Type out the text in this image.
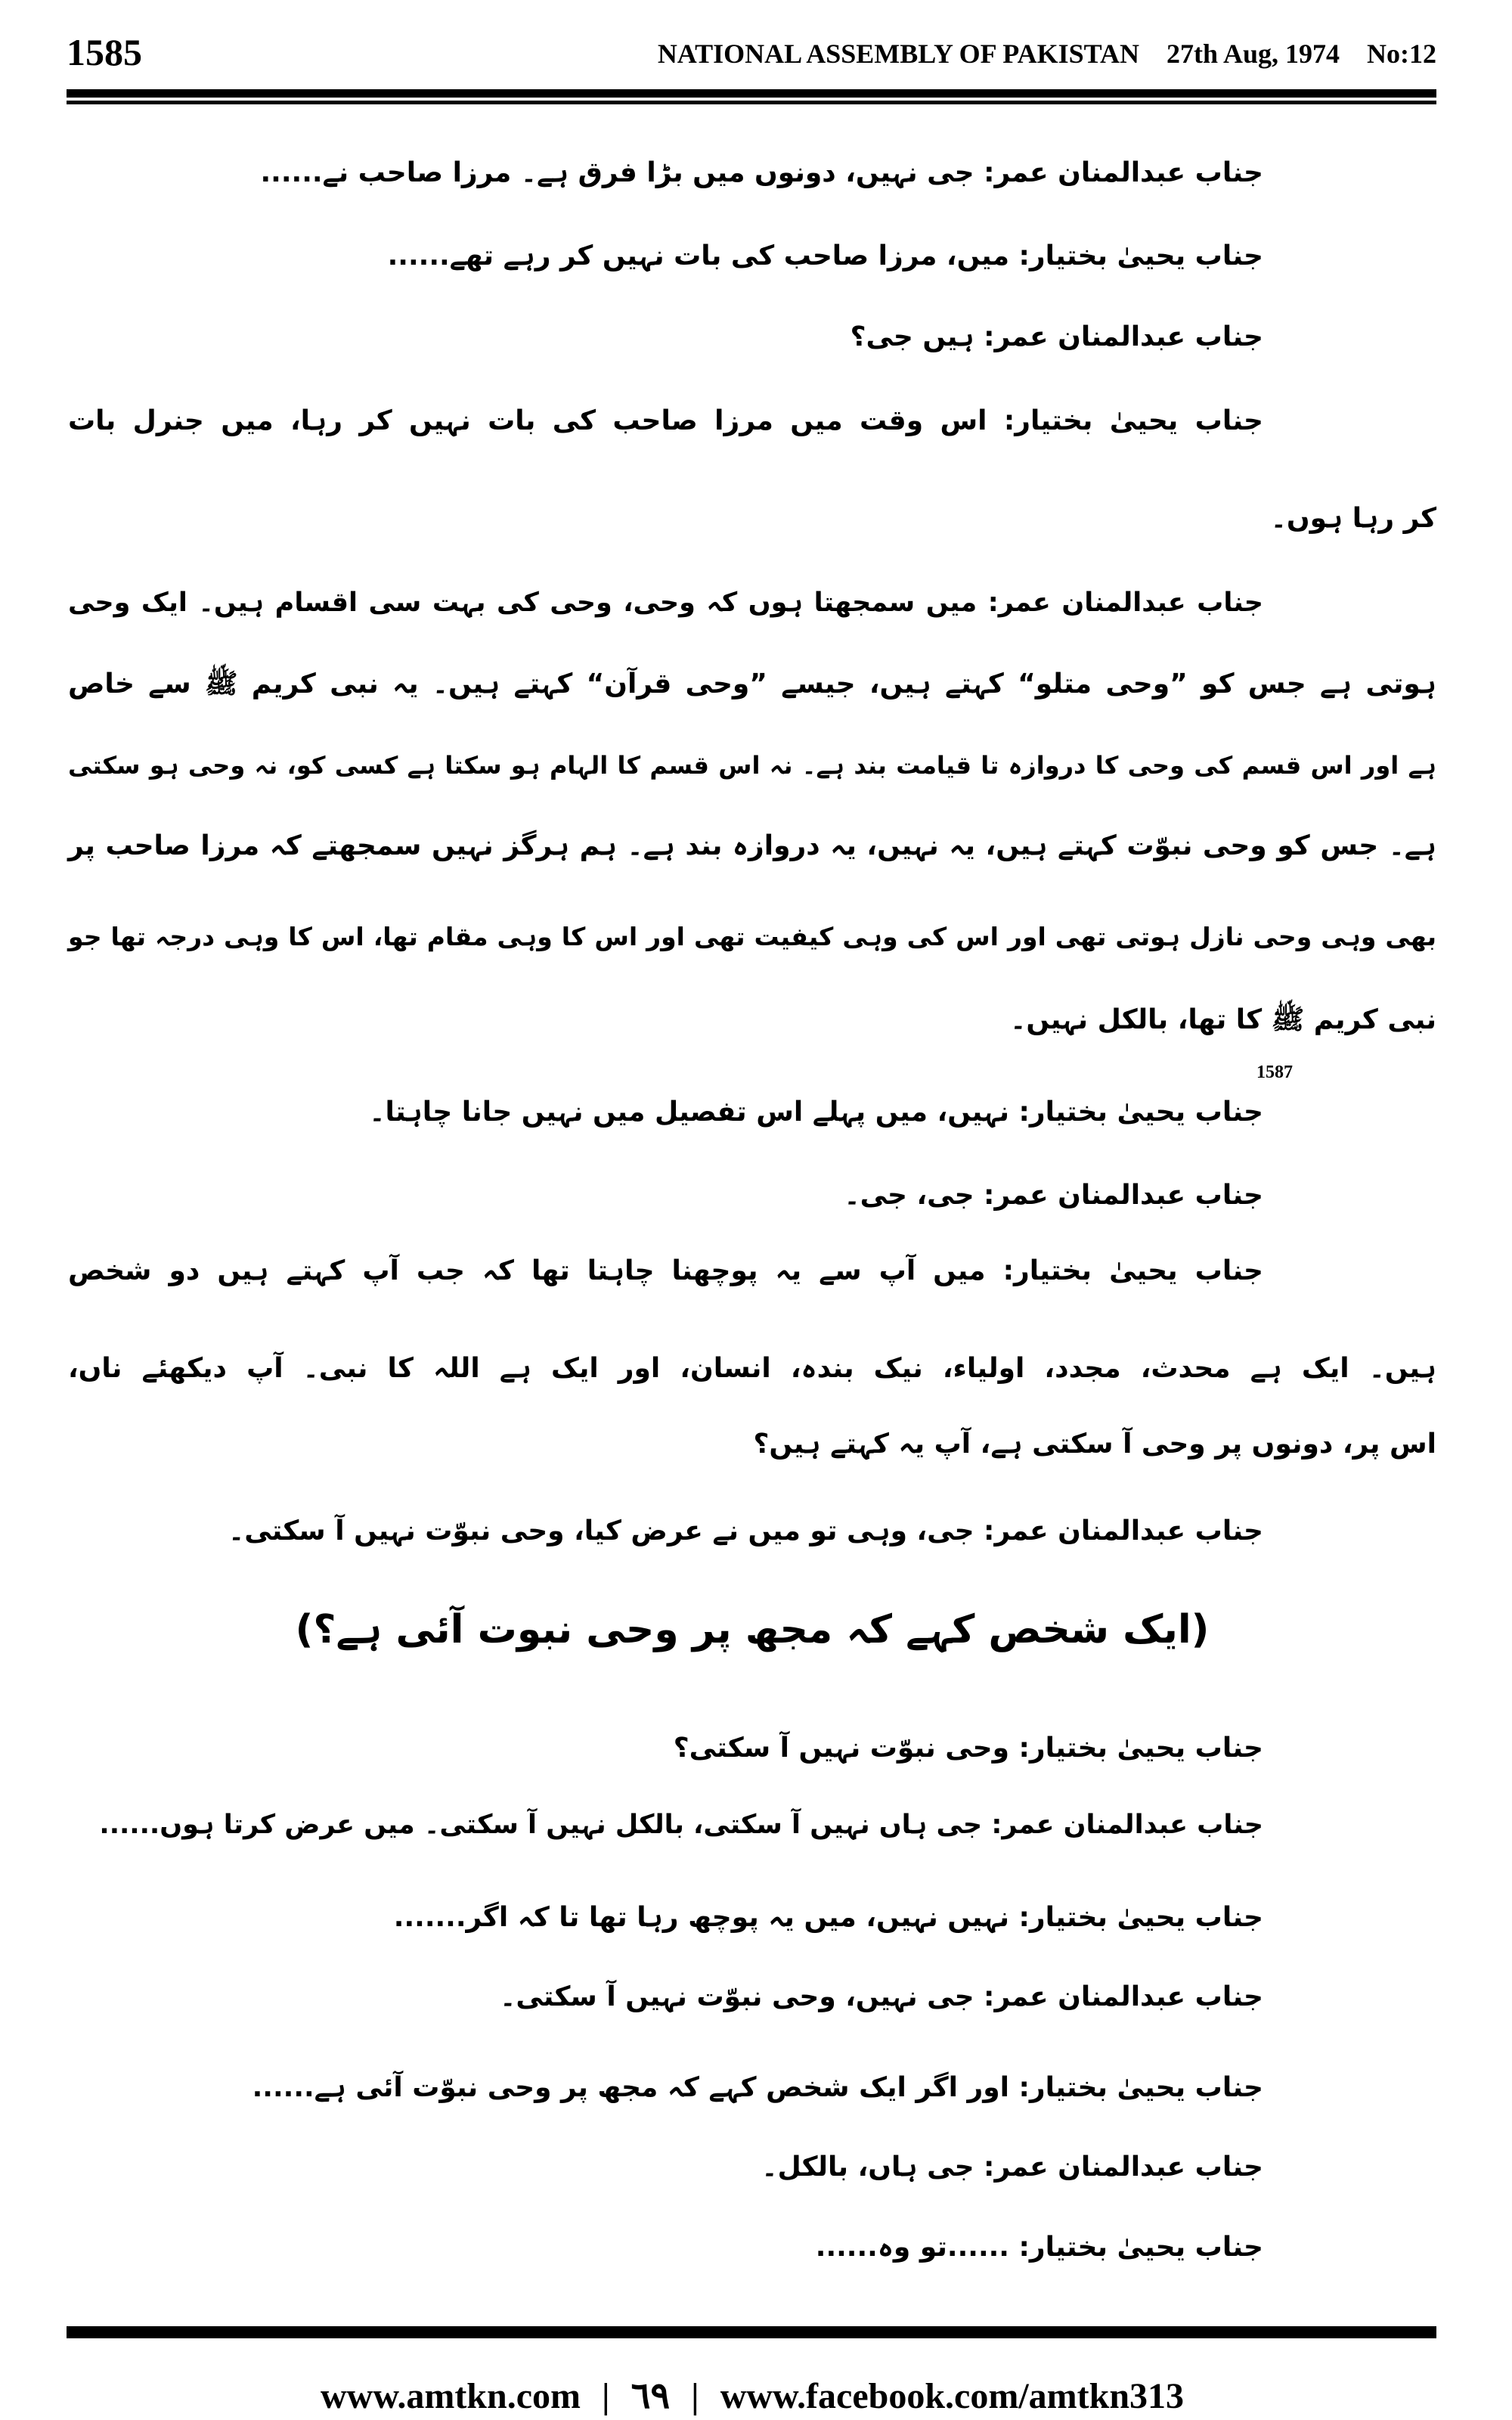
1585	NATIONAL ASSEMBLY OF PAKISTAN 27th Aug, 1974 No:12
جناب عبدالمنان عمر: جی نہیں، دونوں میں بڑا فرق ہے۔ مرزا صاحب نے......
جناب یحییٰ بختیار: میں، مرزا صاحب کی بات نہیں کر رہے تھے......
جناب عبدالمنان عمر: ہیں جی؟
جناب یحییٰ بختیار: اس وقت میں مرزا صاحب کی بات نہیں کر رہا، میں جنرل بات
کر رہا ہوں۔
جناب عبدالمنان عمر: میں سمجھتا ہوں کہ وحی، وحی کی بہت سی اقسام ہیں۔ ایک وحی
ہوتی ہے جس کو ”وحی متلو“ کہتے ہیں، جیسے ”وحی قرآن“ کہتے ہیں۔ یہ نبی کریم ﷺ سے خاص
ہے اور اس قسم کی وحی کا دروازہ تا قیامت بند ہے۔ نہ اس قسم کا الہام ہو سکتا ہے کسی کو، نہ وحی ہو سکتی
ہے۔ جس کو وحی نبوّت کہتے ہیں، یہ نہیں، یہ دروازہ بند ہے۔ ہم ہرگز نہیں سمجھتے کہ مرزا صاحب پر
بھی وہی وحی نازل ہوتی تھی اور اس کی وہی کیفیت تھی اور اس کا وہی مقام تھا، اس کا وہی درجہ تھا جو
نبی کریم ﷺ کا تھا، بالکل نہیں۔
1587
جناب یحییٰ بختیار: نہیں، میں پہلے اس تفصیل میں نہیں جانا چاہتا۔
جناب عبدالمنان عمر: جی، جی۔
جناب یحییٰ بختیار: میں آپ سے یہ پوچھنا چاہتا تھا کہ جب آپ کہتے ہیں دو شخص
ہیں۔ ایک ہے محدث، مجدد، اولیاء، نیک بندہ، انسان، اور ایک ہے اللہ کا نبی۔ آپ دیکھئے ناں،
اس پر، دونوں پر وحی آ سکتی ہے، آپ یہ کہتے ہیں؟
جناب عبدالمنان عمر: جی، وہی تو میں نے عرض کیا، وحی نبوّت نہیں آ سکتی۔
(ایک شخص کہے کہ مجھ پر وحی نبوت آئی ہے؟)
جناب یحییٰ بختیار: وحی نبوّت نہیں آ سکتی؟
جناب عبدالمنان عمر: جی ہاں نہیں آ سکتی، بالکل نہیں آ سکتی۔ میں عرض کرتا ہوں......
جناب یحییٰ بختیار: نہیں نہیں، میں یہ پوچھ رہا تھا تا کہ اگر.......
جناب عبدالمنان عمر: جی نہیں، وحی نبوّت نہیں آ سکتی۔
جناب یحییٰ بختیار: اور اگر ایک شخص کہے کہ مجھ پر وحی نبوّت آئی ہے......
جناب عبدالمنان عمر: جی ہاں، بالکل۔
جناب یحییٰ بختیار: ......تو وہ......
www.amtkn.com | ٦٩ | www.facebook.com/amtkn313
